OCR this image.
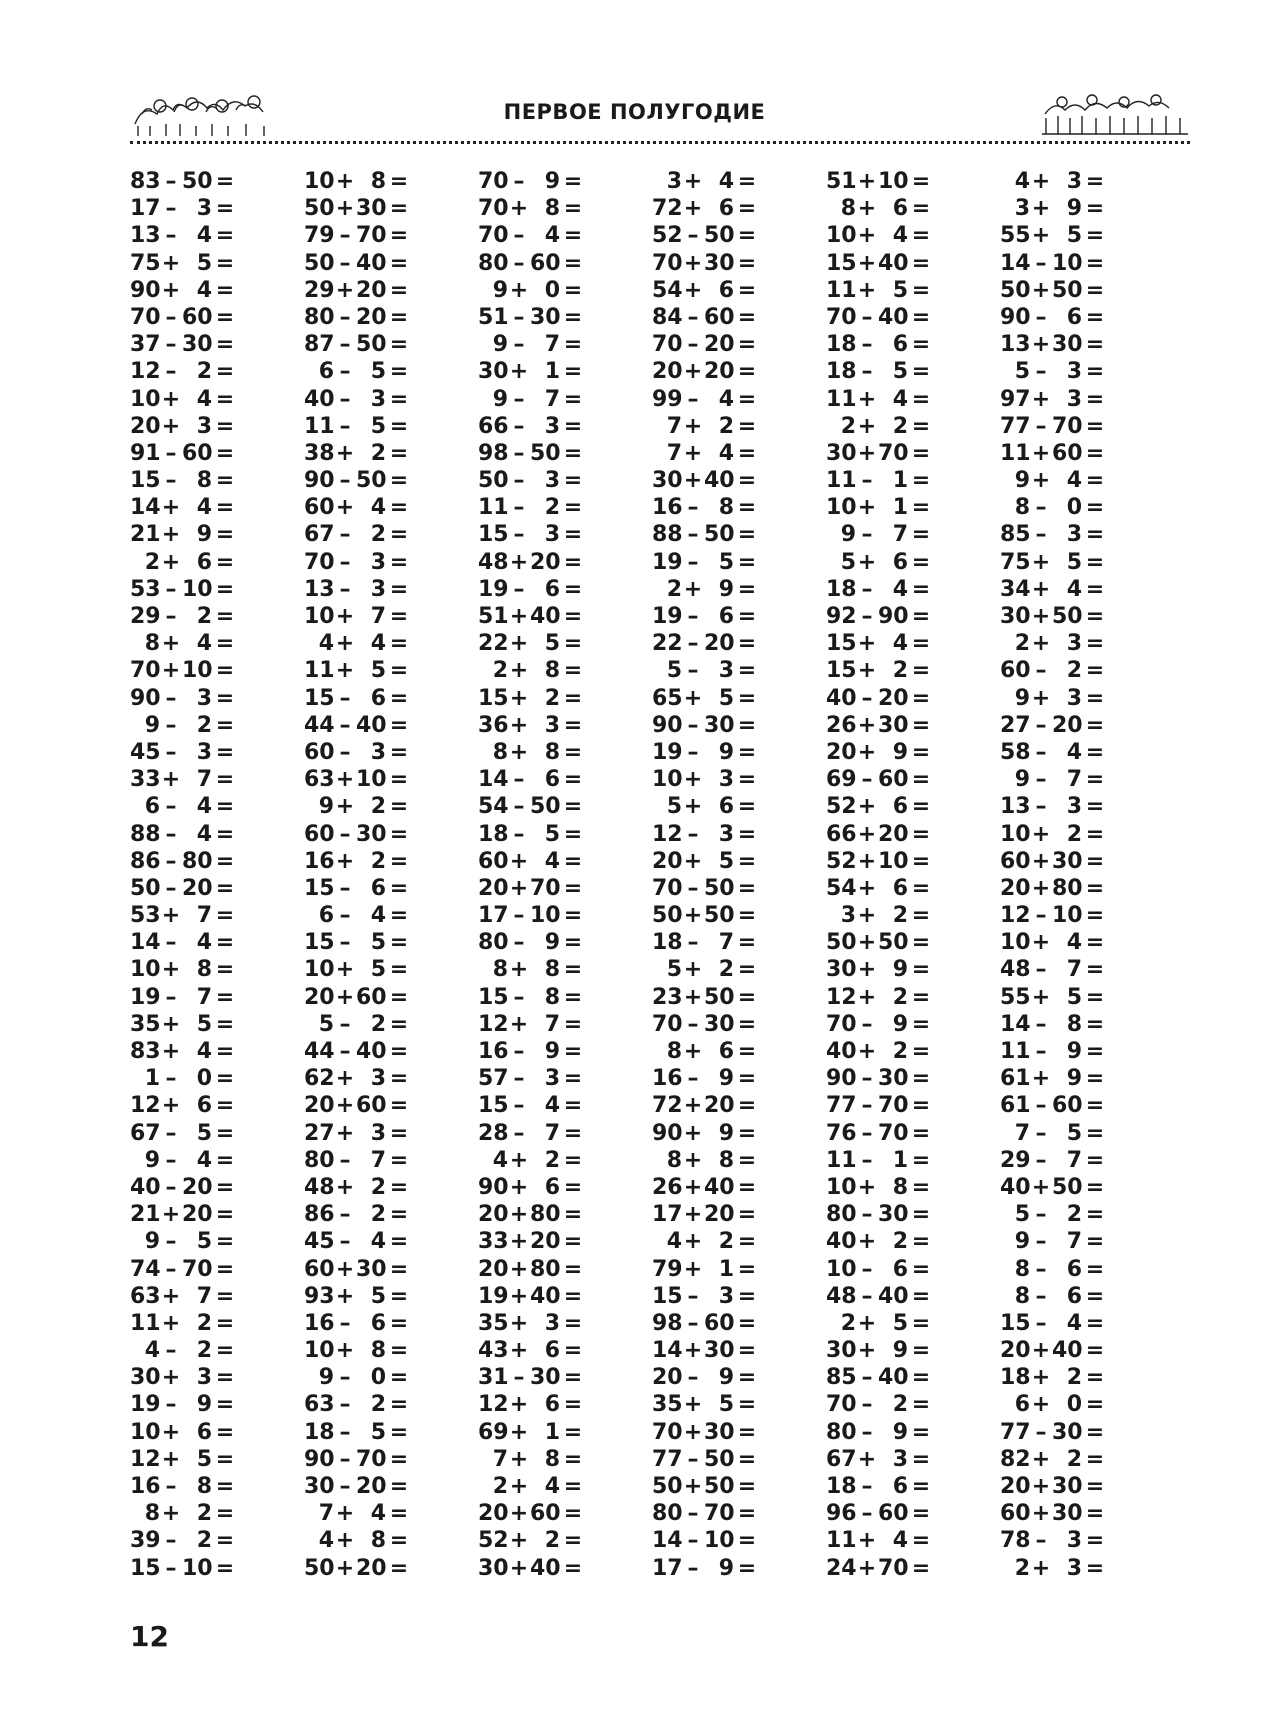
ПЕРВОЕ ПОЛУГОДИЕ
83 – 50 =	10 + 8 =	70 – 9 =	3 + 4 =	51 + 10 =	4 + 3 =
17 – 3 =	50 + 30 =	70 + 8 =	72 + 6 =	8 + 6 =	3 + 9 =
13 – 4 =	79 – 70 =	70 – 4 =	52 – 50 =	10 + 4 =	55 + 5 =
75 + 5 =	50 – 40 =	80 – 60 =	70 + 30 =	15 + 40 =	14 – 10 =
90 + 4 =	29 + 20 =	9 + 0 =	54 + 6 =	11 + 5 =	50 + 50 =
70 – 60 =	80 – 20 =	51 – 30 =	84 – 60 =	70 – 40 =	90 – 6 =
37 – 30 =	87 – 50 =	9 – 7 =	70 – 20 =	18 – 6 =	13 + 30 =
12 – 2 =	6 – 5 =	30 + 1 =	20 + 20 =	18 – 5 =	5 – 3 =
10 + 4 =	40 – 3 =	9 – 7 =	99 – 4 =	11 + 4 =	97 + 3 =
20 + 3 =	11 – 5 =	66 – 3 =	7 + 2 =	2 + 2 =	77 – 70 =
91 – 60 =	38 + 2 =	98 – 50 =	7 + 4 =	30 + 70 =	11 + 60 =
15 – 8 =	90 – 50 =	50 – 3 =	30 + 40 =	11 – 1 =	9 + 4 =
14 + 4 =	60 + 4 =	11 – 2 =	16 – 8 =	10 + 1 =	8 – 0 =
21 + 9 =	67 – 2 =	15 – 3 =	88 – 50 =	9 – 7 =	85 – 3 =
2 + 6 =	70 – 3 =	48 + 20 =	19 – 5 =	5 + 6 =	75 + 5 =
53 – 10 =	13 – 3 =	19 – 6 =	2 + 9 =	18 – 4 =	34 + 4 =
29 – 2 =	10 + 7 =	51 + 40 =	19 – 6 =	92 – 90 =	30 + 50 =
8 + 4 =	4 + 4 =	22 + 5 =	22 – 20 =	15 + 4 =	2 + 3 =
70 + 10 =	11 + 5 =	2 + 8 =	5 – 3 =	15 + 2 =	60 – 2 =
90 – 3 =	15 – 6 =	15 + 2 =	65 + 5 =	40 – 20 =	9 + 3 =
9 – 2 =	44 – 40 =	36 + 3 =	90 – 30 =	26 + 30 =	27 – 20 =
45 – 3 =	60 – 3 =	8 + 8 =	19 – 9 =	20 + 9 =	58 – 4 =
33 + 7 =	63 + 10 =	14 – 6 =	10 + 3 =	69 – 60 =	9 – 7 =
6 – 4 =	9 + 2 =	54 – 50 =	5 + 6 =	52 + 6 =	13 – 3 =
88 – 4 =	60 – 30 =	18 – 5 =	12 – 3 =	66 + 20 =	10 + 2 =
86 – 80 =	16 + 2 =	60 + 4 =	20 + 5 =	52 + 10 =	60 + 30 =
50 – 20 =	15 – 6 =	20 + 70 =	70 – 50 =	54 + 6 =	20 + 80 =
53 + 7 =	6 – 4 =	17 – 10 =	50 + 50 =	3 + 2 =	12 – 10 =
14 – 4 =	15 – 5 =	80 – 9 =	18 – 7 =	50 + 50 =	10 + 4 =
10 + 8 =	10 + 5 =	8 + 8 =	5 + 2 =	30 + 9 =	48 – 7 =
19 – 7 =	20 + 60 =	15 – 8 =	23 + 50 =	12 + 2 =	55 + 5 =
35 + 5 =	5 – 2 =	12 + 7 =	70 – 30 =	70 – 9 =	14 – 8 =
83 + 4 =	44 – 40 =	16 – 9 =	8 + 6 =	40 + 2 =	11 – 9 =
1 – 0 =	62 + 3 =	57 – 3 =	16 – 9 =	90 – 30 =	61 + 9 =
12 + 6 =	20 + 60 =	15 – 4 =	72 + 20 =	77 – 70 =	61 – 60 =
67 – 5 =	27 + 3 =	28 – 7 =	90 + 9 =	76 – 70 =	7 – 5 =
9 – 4 =	80 – 7 =	4 + 2 =	8 + 8 =	11 – 1 =	29 – 7 =
40 – 20 =	48 + 2 =	90 + 6 =	26 + 40 =	10 + 8 =	40 + 50 =
21 + 20 =	86 – 2 =	20 + 80 =	17 + 20 =	80 – 30 =	5 – 2 =
9 – 5 =	45 – 4 =	33 + 20 =	4 + 2 =	40 + 2 =	9 – 7 =
74 – 70 =	60 + 30 =	20 + 80 =	79 + 1 =	10 – 6 =	8 – 6 =
63 + 7 =	93 + 5 =	19 + 40 =	15 – 3 =	48 – 40 =	8 – 6 =
11 + 2 =	16 – 6 =	35 + 3 =	98 – 60 =	2 + 5 =	15 – 4 =
4 – 2 =	10 + 8 =	43 + 6 =	14 + 30 =	30 + 9 =	20 + 40 =
30 + 3 =	9 – 0 =	31 – 30 =	20 – 9 =	85 – 40 =	18 + 2 =
19 – 9 =	63 – 2 =	12 + 6 =	35 + 5 =	70 – 2 =	6 + 0 =
10 + 6 =	18 – 5 =	69 + 1 =	70 + 30 =	80 – 9 =	77 – 30 =
12 + 5 =	90 – 70 =	7 + 8 =	77 – 50 =	67 + 3 =	82 + 2 =
16 – 8 =	30 – 20 =	2 + 4 =	50 + 50 =	18 – 6 =	20 + 30 =
8 + 2 =	7 + 4 =	20 + 60 =	80 – 70 =	96 – 60 =	60 + 30 =
39 – 2 =	4 + 8 =	52 + 2 =	14 – 10 =	11 + 4 =	78 – 3 =
15 – 10 =	50 + 20 =	30 + 40 =	17 – 9 =	24 + 70 =	2 + 3 =
12
